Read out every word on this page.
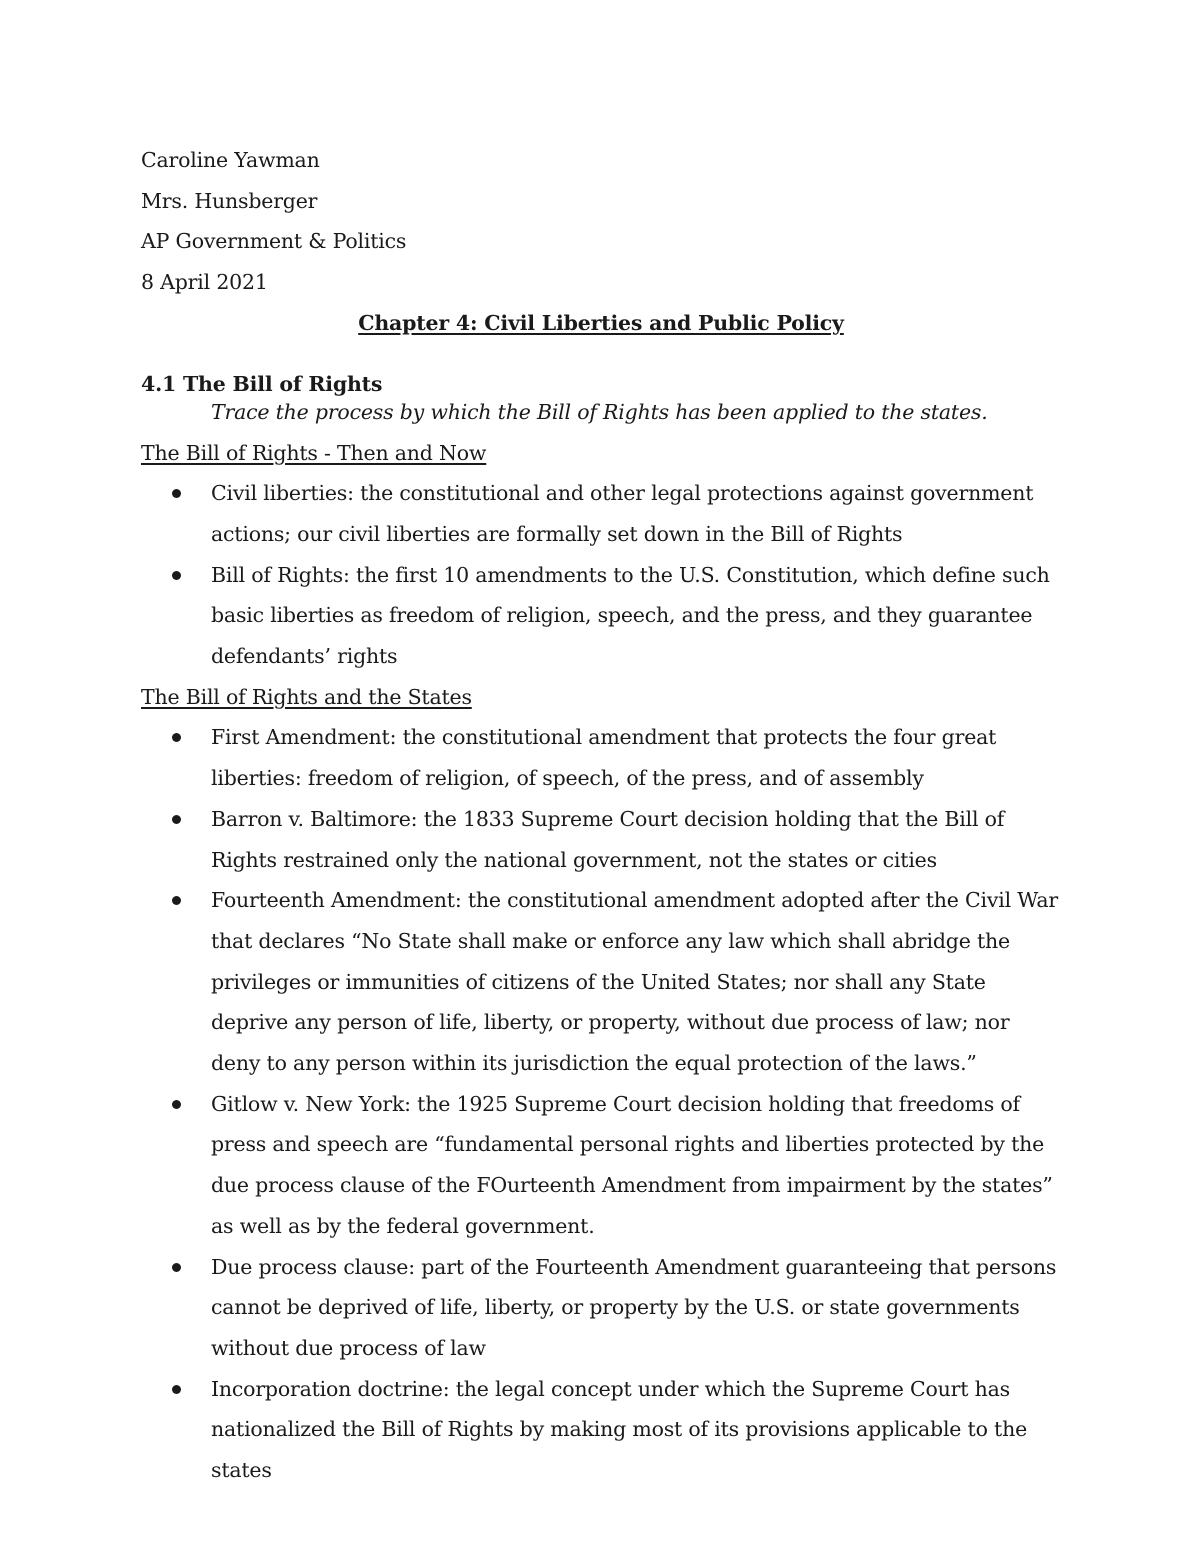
Caroline Yawman

Mrs. Hunsberger

AP Government & Politics

8 April 2021

Chapter 4: Civil Liberties and Public Policy

4.1 The Bill of Rights

Trace the process by which the Bill of Rights has been applied to the states.

The Bill of Rights - Then and Now

Civil liberties: the constitutional and other legal protections against government actions; our civil liberties are formally set down in the Bill of Rights
Bill of Rights: the first 10 amendments to the U.S. Constitution, which define such basic liberties as freedom of religion, speech, and the press, and they guarantee defendants’ rights

The Bill of Rights and the States

First Amendment: the constitutional amendment that protects the four great liberties: freedom of religion, of speech, of the press, and of assembly
Barron v. Baltimore: the 1833 Supreme Court decision holding that the Bill of Rights restrained only the national government, not the states or cities
Fourteenth Amendment: the constitutional amendment adopted after the Civil War that declares “No State shall make or enforce any law which shall abridge the privileges or immunities of citizens of the United States; nor shall any State deprive any person of life, liberty, or property, without due process of law; nor deny to any person within its jurisdiction the equal protection of the laws.”
Gitlow v. New York: the 1925 Supreme Court decision holding that freedoms of press and speech are “fundamental personal rights and liberties protected by the due process clause of the FOurteenth Amendment from impairment by the states” as well as by the federal government.
Due process clause: part of the Fourteenth Amendment guaranteeing that persons cannot be deprived of life, liberty, or property by the U.S. or state governments without due process of law
Incorporation doctrine: the legal concept under which the Supreme Court has nationalized the Bill of Rights by making most of its provisions applicable to the states
